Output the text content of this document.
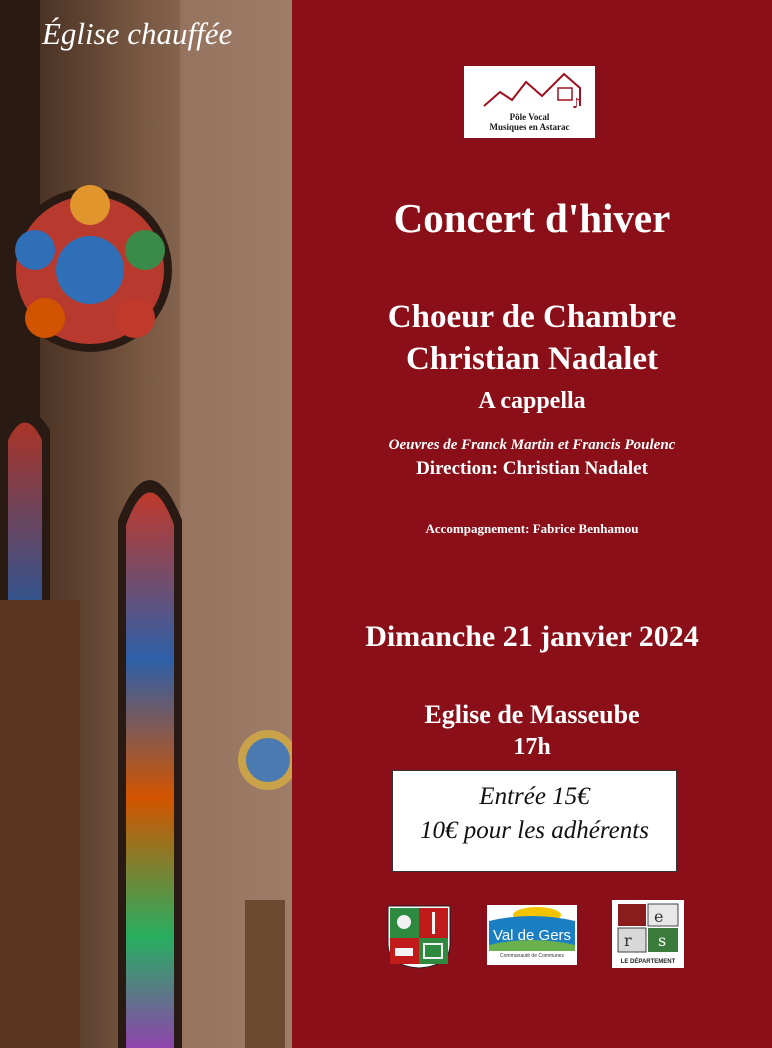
Église chauffée
♪
Pôle Vocal
Musiques en Astarac
Concert d'hiver
Choeur de Chambre
Christian Nadalet
A cappella
Oeuvres de Franck Martin et Francis Poulenc
Direction: Christian Nadalet
Accompagnement: Fabrice Benhamou
Dimanche 21 janvier 2024
Eglise de Masseube
17h
Entrée 15€
10€ pour les adhérents
Val de Gers
Communauté de Communes
e
r s
LE DÉPARTEMENT
